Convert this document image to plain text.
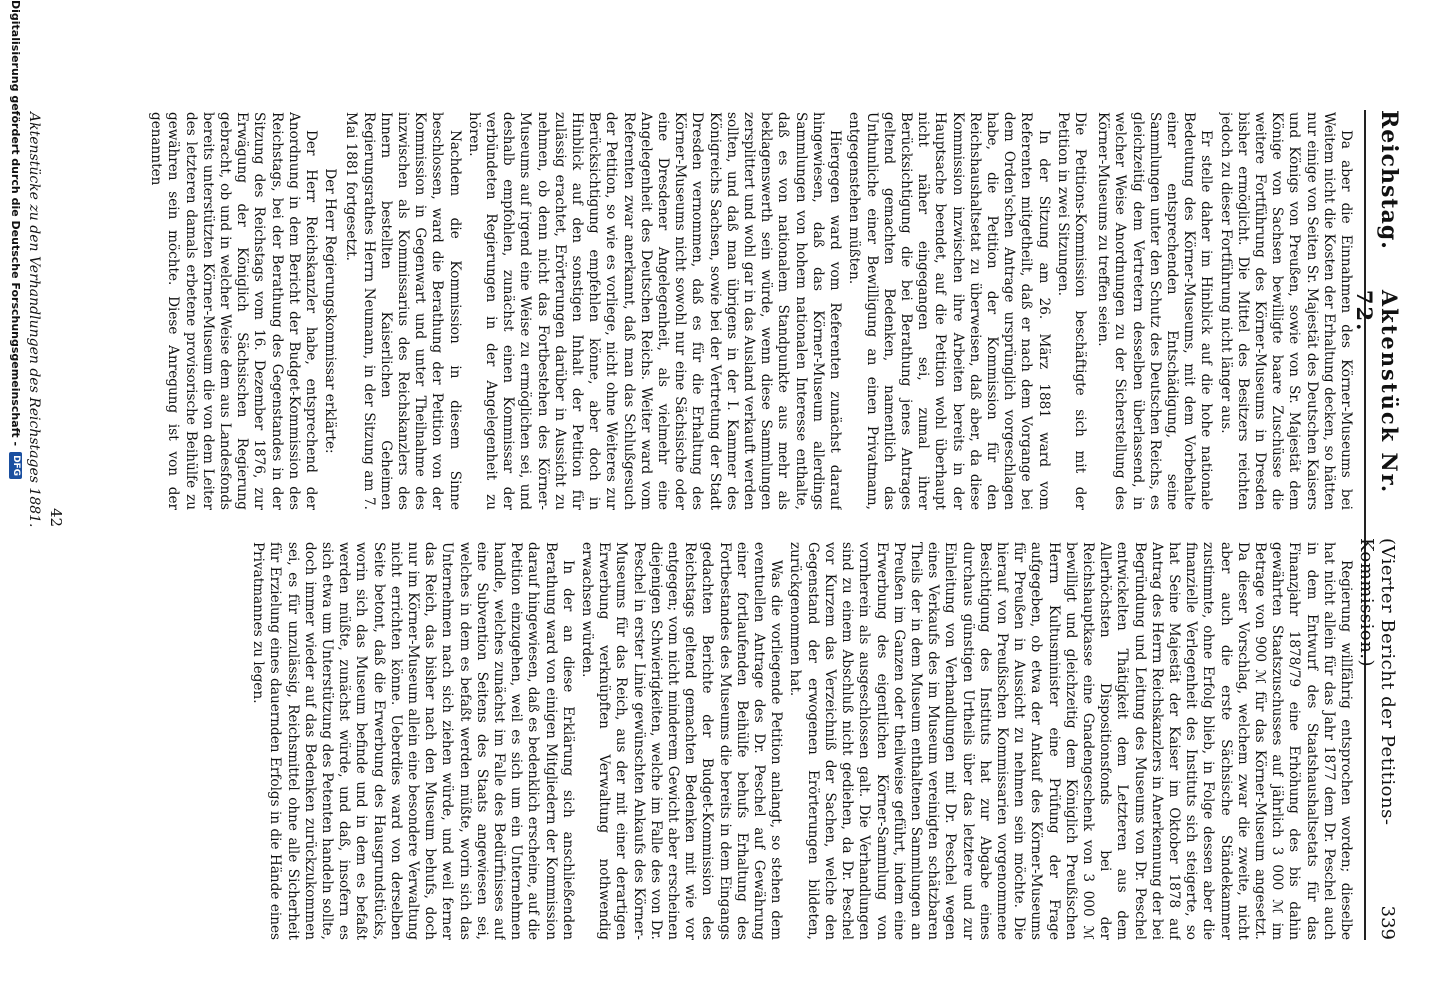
Reichstag.
Aktenstück Nr. 72.
(Vierter Bericht der Petitions-Kommission.)
339

Da aber die Einnahmen des Körner-Museums bei Weitem nicht die Kosten der Erhaltung decken, so hätten nur einige von Seiten Sr. Majestät des Deutschen Kaisers und Königs von Preußen, sowie von Sr. Majestät dem Könige von Sachsen bewilligte baare Zuschüsse die weitere Fortführung des Körner-Museums in Dresden bisher ermöglicht. Die Mittel des Besitzers reichten jedoch zu dieser Fortführung nicht länger aus.

Er stelle daher im Hinblick auf die hohe nationale Bedeutung des Körner-Museums, mit dem Vorbehalte einer entsprechenden Entschädigung, seine Sammlungen unter den Schutz des Deutschen Reichs, es gleichzeitig dem Vertretern desselben überlassend, in welcher Weise Anordnungen zu der Sicherstellung des Körner-Museums zu treffen seien.

Die Petitions-Kommission beschäftigte sich mit der Petition in zwei Sitzungen.

In der Sitzung am 26. März 1881 ward vom Referenten mitgetheilt, daß er nach dem Vorgange bei dem Orden'schen Antrage ursprünglich vorgeschlagen habe, die Petition der Kommission für den Reichshaushaltsetat zu überweisen, daß aber, da diese Kommission inzwischen ihre Arbeiten bereits in der Hauptsache beendet, auf die Petition wohl überhaupt nicht näher eingegangen sei, zumal ihrer Berücksichtigung die bei Berathung jenes Antrages geltend gemachten Bedenken, namentlich das Unthunliche einer Bewilligung an einen Privatmann, entgegenstehen müßten.

Hiergegen ward vom Referenten zunächst darauf hingewiesen, daß das Körner-Museum allerdings Sammlungen von hohem nationalen Interesse enthalte, daß es von nationalem Standpunkte aus mehr als beklagenswerth sein würde, wenn diese Sammlungen zersplittert und wohl gar in das Ausland verkauft werden sollten, und daß man übrigens in der I. Kammer des Königreichs Sachsen, sowie bei der Vertretung der Stadt Dresden vernommen, daß es für die Erhaltung des Körner-Museums nicht sowohl nur eine Sächsische oder eine Dresdener Angelegenheit, als vielmehr eine Angelegenheit des Deutschen Reichs. Weiter ward vom Referenten zwar anerkannt, daß man das Schlußgesuch der Petition, so wie es vorliege, nicht ohne Weiteres zur Berücksichtigung empfehlen könne, aber doch in Hinblick auf den sonstigen Inhalt der Petition für zulässig erachtet, Erörterungen darüber in Aussicht zu nehmen, ob denn nicht das Fortbestehen des Körner-Museums auf irgend eine Weise zu ermöglichen sei, und deshalb empfohlen, zunächst einen Kommissar der verbündeten Regierungen in der Angelegenheit zu hören.

Nachdem die Kommission in diesem Sinne beschlossen, ward die Berathung der Petition von der Kommission in Gegenwart und unter Theilnahme des inzwischen als Kommissarius des Reichskanzlers des Innern bestellten Kaiserlichen Geheimen Regierungsrathes Herrn Neumann, in der Sitzung am 7. Mai 1881 fortgesetzt.

Der Herr Regierungskommissar erklärte:

Der Herr Reichskanzler habe, entsprechend der Anordnung in dem Bericht der Budget-Kommission des Reichstags, bei der Berathung des Gegenstandes in der Sitzung des Reichstags vom 16. Dezember 1876, zur Erwägung der Königlich Sächsischen Regierung gebracht, ob und in welcher Weise dem aus Landesfonds bereits unterstützten Körner-Museum die von dem Leiter des letzteren damals erbetene provisorische Beihülfe zu gewähren sein möchte. Diese Anregung ist von der genannten

Regierung willfährig entsprochen worden; dieselbe hat nicht allein für das Jahr 1877 dem Dr. Peschel auch in dem Entwurf des Staatshaushaltsetats für das Finanzjahr 1878/79 eine Erhöhung des bis dahin gewährten Staatszuschusses auf jährlich 3 000 ℳ im Betrage von 900 ℳ für das Körner-Museum angesetzt. Da dieser Vorschlag, welchem zwar die zweite, nicht aber auch die erste Sächsische Ständekammer zustimmte, ohne Erfolg blieb, in Folge dessen aber die finanzielle Verlegenheit des Instituts sich steigerte, so hat Seine Majestät der Kaiser im Oktober 1878 auf Antrag des Herrn Reichskanzlers in Anerkennung der bei Begründung und Leitung des Museums von Dr. Peschel entwickelten Thätigkeit dem Letzteren aus dem Allerhöchsten Dispositionsfonds bei der Reichshauptkasse eine Gnadengeschenk von 3 000 ℳ bewilligt und gleichzeitig dem Königlich Preußischen Herrn Kultusminister eine Prüfung der Frage aufgegeben, ob etwa der Ankauf des Körner-Museums für Preußen in Aussicht zu nehmen sein möchte. Die hierauf von Preußischen Kommissarien vorgenommene Besichtigung des Instituts hat zur Abgabe eines durchaus günstigen Urtheils über das letztere und zur Einleitung von Verhandlungen mit Dr. Peschel wegen eines Verkaufs des im Museum vereinigten schätzbaren Theils der in dem Museum enthaltenen Sammlungen an Preußen im Ganzen oder theilweise geführt, indem eine Erwerbung des eigentlichen Körner-Sammlung von vornherein als ausgeschlossen galt. Die Verhandlungen sind zu einem Abschluß nicht gediehen, da Dr. Peschel vor Kurzem das Verzeichniß der Sachen, welche den Gegenstand der erwogenen Erörterungen bildeten, zurückgenommen hat.

Was die vorliegende Petition anlangt, so stehen dem eventuellen Antrage des Dr. Peschel auf Gewährung einer fortlaufenden Beihülfe behufs Erhaltung des Fortbestandes des Museums die bereits in dem Eingangs gedachten Berichte der Budget-Kommission des Reichstags geltend gemachten Bedenken mit wie vor entgegen; vom nicht minderem Gewicht aber erscheinen diejenigen Schwierigkeiten, welche im Falle des von Dr. Peschel in erster Linie gewünschten Ankaufs des Körner-Museums für das Reich, aus der mit einer derartigen Erwerbung verknüpften Verwaltung nothwendig erwachsen würden.

In der an diese Erklärung sich anschließenden Berathung ward von einigen Mitgliedern der Kommission darauf hingewiesen, daß es bedenklich erscheine, auf die Petition einzugehen, weil es sich um ein Unternehmen handle, welches zunächst im Falle des Bedürfnisses auf eine Subvention Seitens des Staats angewiesen sei, welches in dem es befaßt werden müßte, worin sich das Unternehmen nach sich ziehen würde, und weil ferner das Reich, das bisher nach den Museum behufs, doch nur im Körner-Museum allein eine besondere Verwaltung nicht errichten könne. Ueberdies ward von derselben Seite betont, daß die Erwerbung des Hausgrundstücks, worin sich das Museum befinde und in dem es befaßt werden müßte, zunächst würde, und daß, insofern es sich etwa um Unterstützung des Petenten handeln sollte, doch immer wieder auf das Bedenken zurückzukommen sei, es für unzulässig, Reichsmittel ohne alle Sicherheit für Erzielung eines dauernden Erfolgs in die Hände eines Privatmannes zu legen.

42
Aktenstücke zu den Verhandlungen des Reichstages 1881.
Digitalisierung gefördert durch die Deutsche Forschungsgemeinschaft -
DFG
